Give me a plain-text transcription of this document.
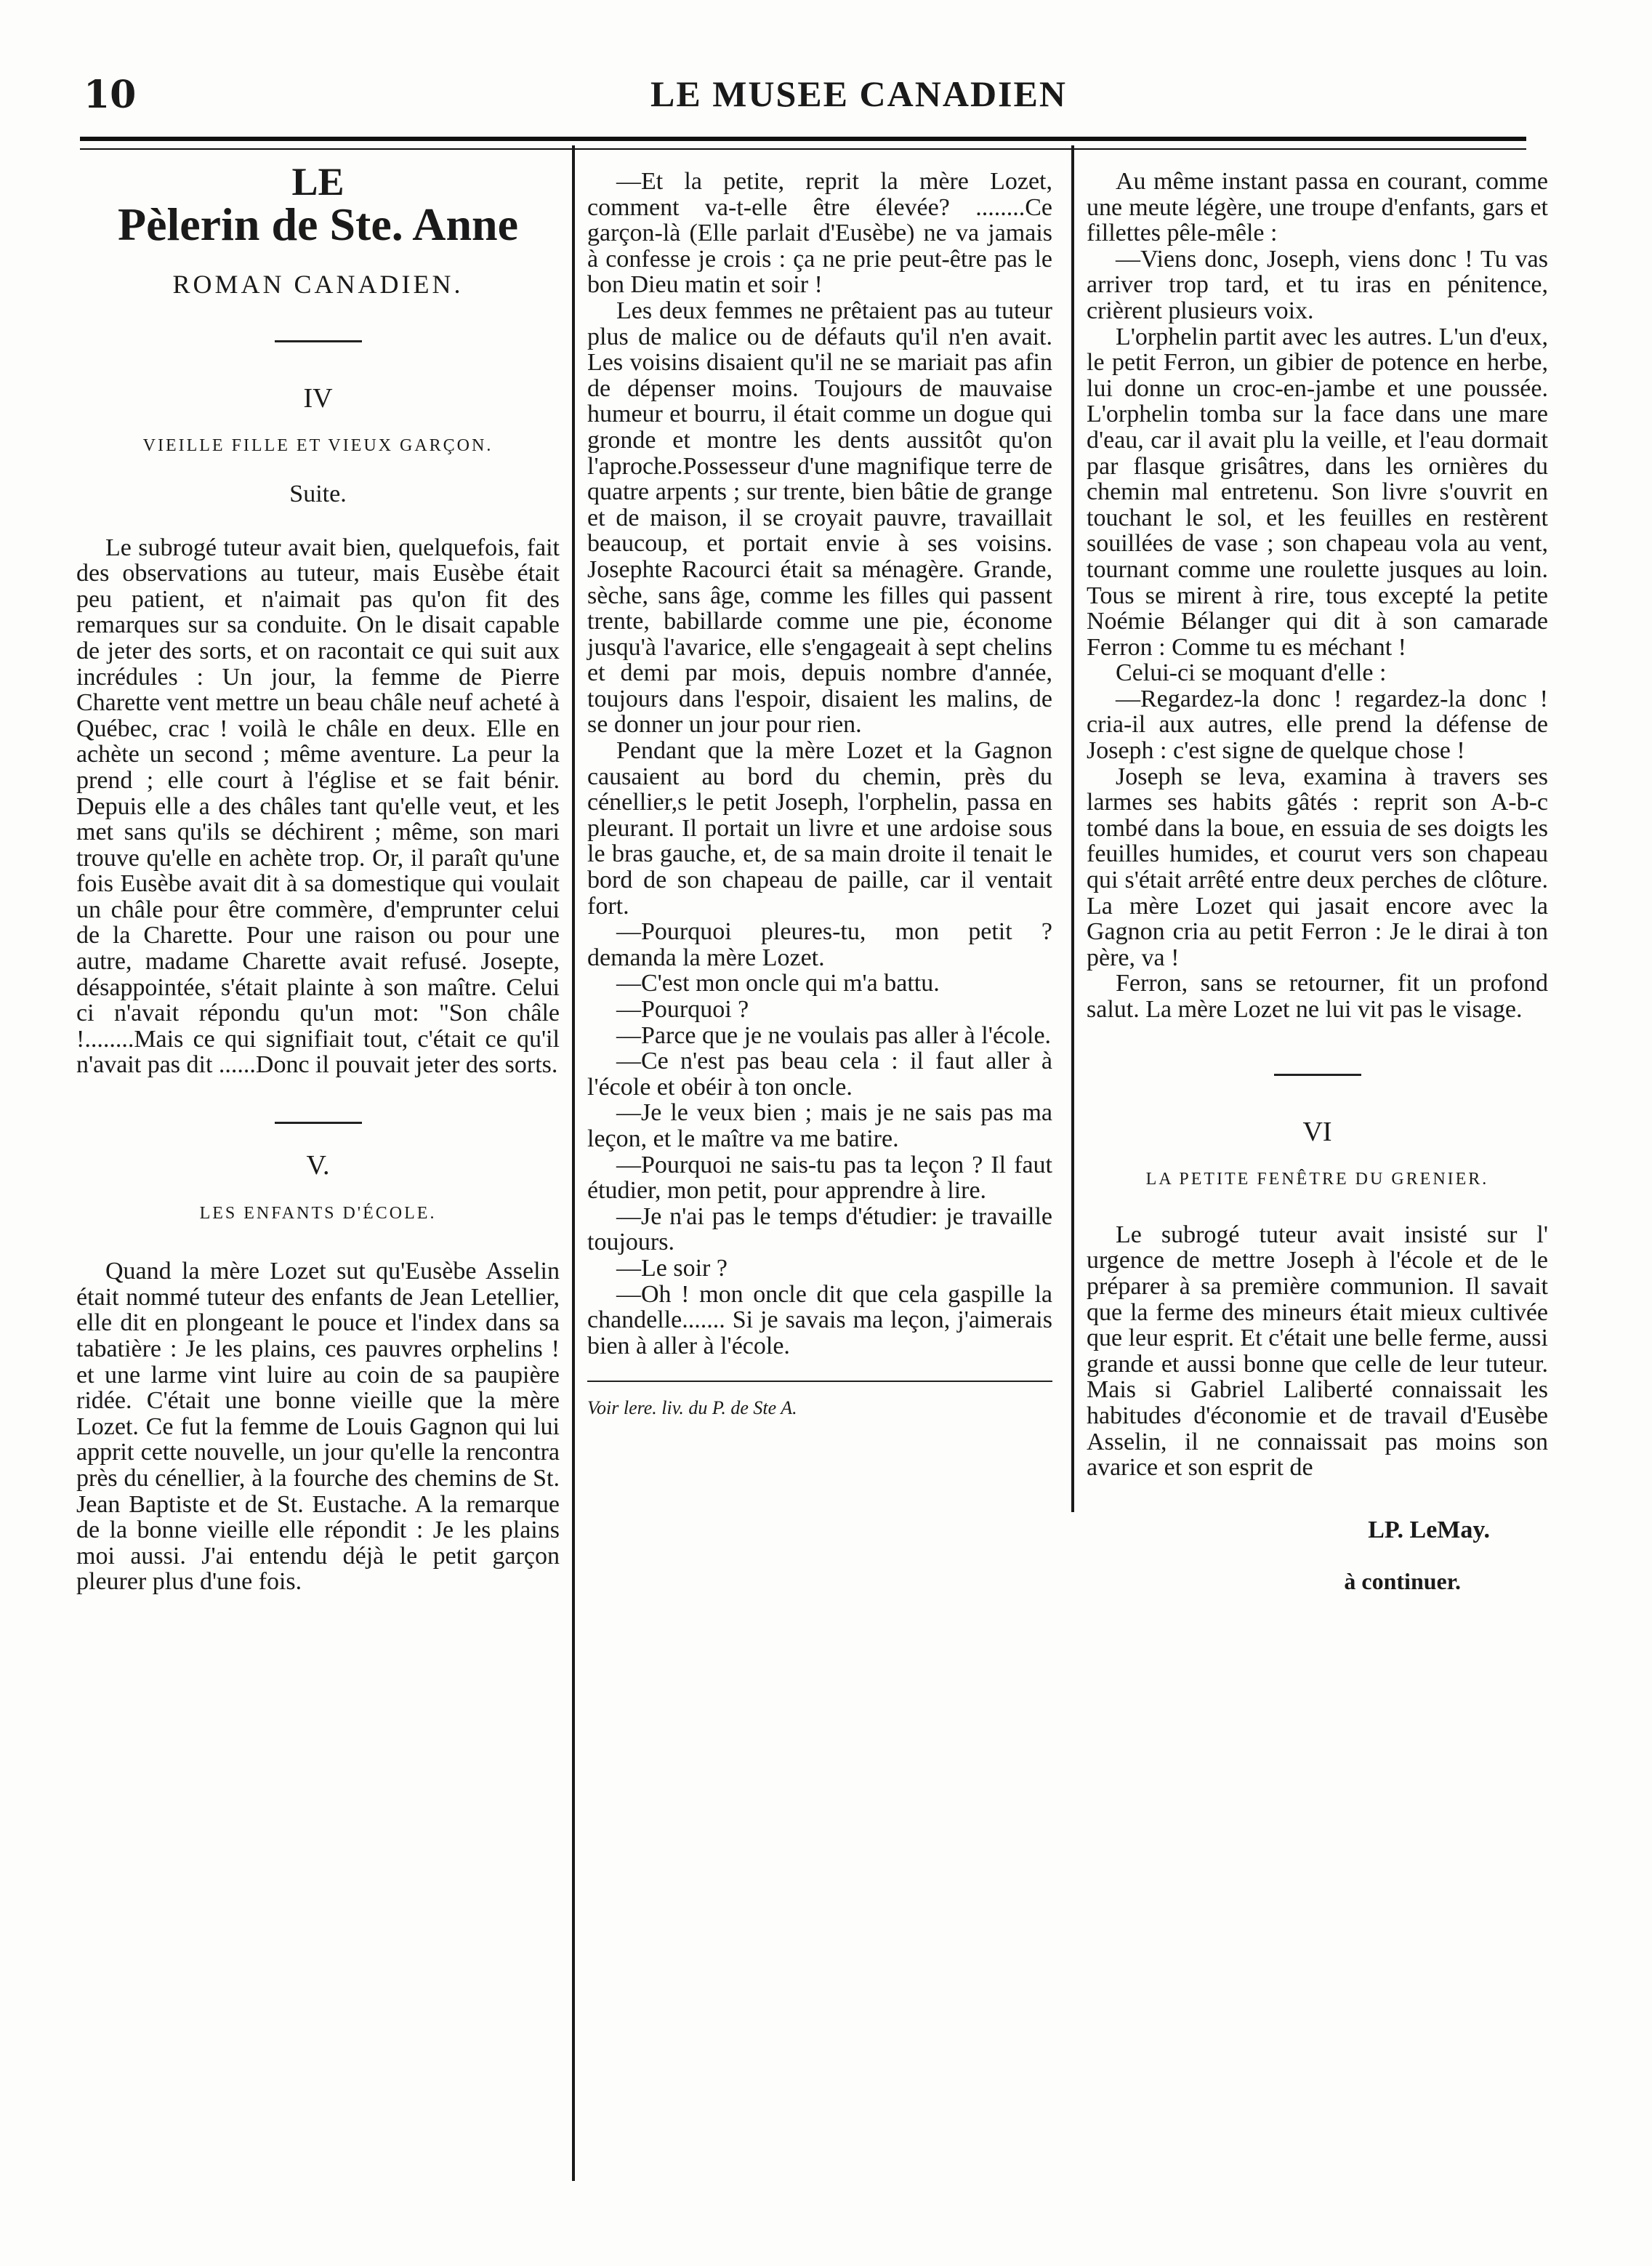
10	LE MUSEE CANADIEN
LE
Pèlerin de Ste. Anne
ROMAN CANADIEN.
IV
VIEILLE FILLE ET VIEUX GARÇON.
Suite.

Le subrogé tuteur avait bien, quelquefois, fait des observations au tuteur, mais Eusèbe était peu patient, et n'aimait pas qu'on fit des remarques sur sa conduite. On le disait capable de jeter des sorts, et on racontait ce qui suit aux incrédules : Un jour, la femme de Pierre Charette vent mettre un beau châle neuf acheté à Québec, crac ! voilà le châle en deux. Elle en achète un second ; même aventure. La peur la prend ; elle court à l'église et se fait bénir. Depuis elle a des châles tant qu'elle veut, et les met sans qu'ils se déchirent ; même, son mari trouve qu'elle en achète trop. Or, il paraît qu'une fois Eusèbe avait dit à sa domestique qui voulait un châle pour être commère, d'emprunter celui de la Charette. Pour une raison ou pour une autre, madame Charette avait refusé. Josepte, désappointée, s'était plainte à son maître. Celui ci n'avait répondu qu'un mot: "Son châle !........Mais ce qui signifiait tout, c'était ce qu'il n'avait pas dit ......Donc il pouvait jeter des sorts.

V.
LES ENFANTS D'ÉCOLE.

Quand la mère Lozet sut qu'Eusèbe Asselin était nommé tuteur des enfants de Jean Letellier, elle dit en plongeant le pouce et l'index dans sa tabatière : Je les plains, ces pauvres orphelins ! et une larme vint luire au coin de sa paupière ridée. C'était une bonne vieille que la mère Lozet. Ce fut la femme de Louis Gagnon qui lui apprit cette nouvelle, un jour qu'elle la rencontra près du cénellier, à la fourche des chemins de St. Jean Baptiste et de St. Eustache. A la remarque de la bonne vieille elle répondit : Je les plains moi aussi. J'ai entendu déjà le petit garçon pleurer plus d'une fois.

—Et la petite, reprit la mère Lozet, comment va-t-elle être élevée? ........Ce garçon-là (Elle parlait d'Eusèbe) ne va jamais à confesse je crois : ça ne prie peut-être pas le bon Dieu matin et soir !

Les deux femmes ne prêtaient pas au tuteur plus de malice ou de défauts qu'il n'en avait. Les voisins disaient qu'il ne se mariait pas afin de dépenser moins. Toujours de mauvaise humeur et bourru, il était comme un dogue qui gronde et montre les dents aussitôt qu'on l'aproche.Possesseur d'une magnifique terre de quatre arpents ; sur trente, bien bâtie de grange et de maison, il se croyait pauvre, travaillait beaucoup, et portait envie à ses voisins. Josephte Racourci était sa ménagère. Grande, sèche, sans âge, comme les filles qui passent trente, babillarde comme une pie, économe jusqu'à l'avarice, elle s'engageait à sept chelins et demi par mois, depuis nombre d'année, toujours dans l'espoir, disaient les malins, de se donner un jour pour rien.

Pendant que la mère Lozet et la Gagnon causaient au bord du chemin, près du cénellier,s le petit Joseph, l'orphelin, passa en pleurant. Il portait un livre et une ardoise sous le bras gauche, et, de sa main droite il tenait le bord de son chapeau de paille, car il ventait fort.

—Pourquoi pleures-tu, mon petit ? demanda la mère Lozet.

—C'est mon oncle qui m'a battu.

—Pourquoi ?

—Parce que je ne voulais pas aller à l'école.

—Ce n'est pas beau cela : il faut aller à l'école et obéir à ton oncle.

—Je le veux bien ; mais je ne sais pas ma leçon, et le maître va me batire.

—Pourquoi ne sais-tu pas ta leçon ? Il faut étudier, mon petit, pour apprendre à lire.

—Je n'ai pas le temps d'étudier: je travaille toujours.

—Le soir ?

—Oh ! mon oncle dit que cela gaspille la chandelle....... Si je savais ma leçon, j'aimerais bien à aller à l'école.

Voir lere. liv. du P. de Ste A.

Au même instant passa en courant, comme une meute légère, une troupe d'enfants, gars et fillettes pêle-mêle :

—Viens donc, Joseph, viens donc ! Tu vas arriver trop tard, et tu iras en pénitence, crièrent plusieurs voix.

L'orphelin partit avec les autres. L'un d'eux, le petit Ferron, un gibier de potence en herbe, lui donne un croc-en-jambe et une poussée. L'orphelin tomba sur la face dans une mare d'eau, car il avait plu la veille, et l'eau dormait par flasque grisâtres, dans les ornières du chemin mal entretenu. Son livre s'ouvrit en touchant le sol, et les feuilles en restèrent souillées de vase ; son chapeau vola au vent, tournant comme une roulette jusques au loin. Tous se mirent à rire, tous excepté la petite Noémie Bélanger qui dit à son camarade Ferron : Comme tu es méchant !

Celui-ci se moquant d'elle :

—Regardez-la donc ! regardez-la donc ! cria-il aux autres, elle prend la défense de Joseph : c'est signe de quelque chose !

Joseph se leva, examina à travers ses larmes ses habits gâtés : reprit son A-b-c tombé dans la boue, en essuia de ses doigts les feuilles humides, et courut vers son chapeau qui s'était arrêté entre deux perches de clôture. La mère Lozet qui jasait encore avec la Gagnon cria au petit Ferron : Je le dirai à ton père, va !

Ferron, sans se retourner, fit un profond salut. La mère Lozet ne lui vit pas le visage.

VI
LA PETITE FENÊTRE DU GRENIER.

Le subrogé tuteur avait insisté sur l' urgence de mettre Joseph à l'école et de le préparer à sa première communion. Il savait que la ferme des mineurs était mieux cultivée que leur esprit. Et c'était une belle ferme, aussi grande et aussi bonne que celle de leur tuteur. Mais si Gabriel Laliberté connaissait les habitudes d'économie et de travail d'Eusèbe Asselin, il ne connaissait pas moins son avarice et son esprit de

LP. LeMay.
à continuer.
